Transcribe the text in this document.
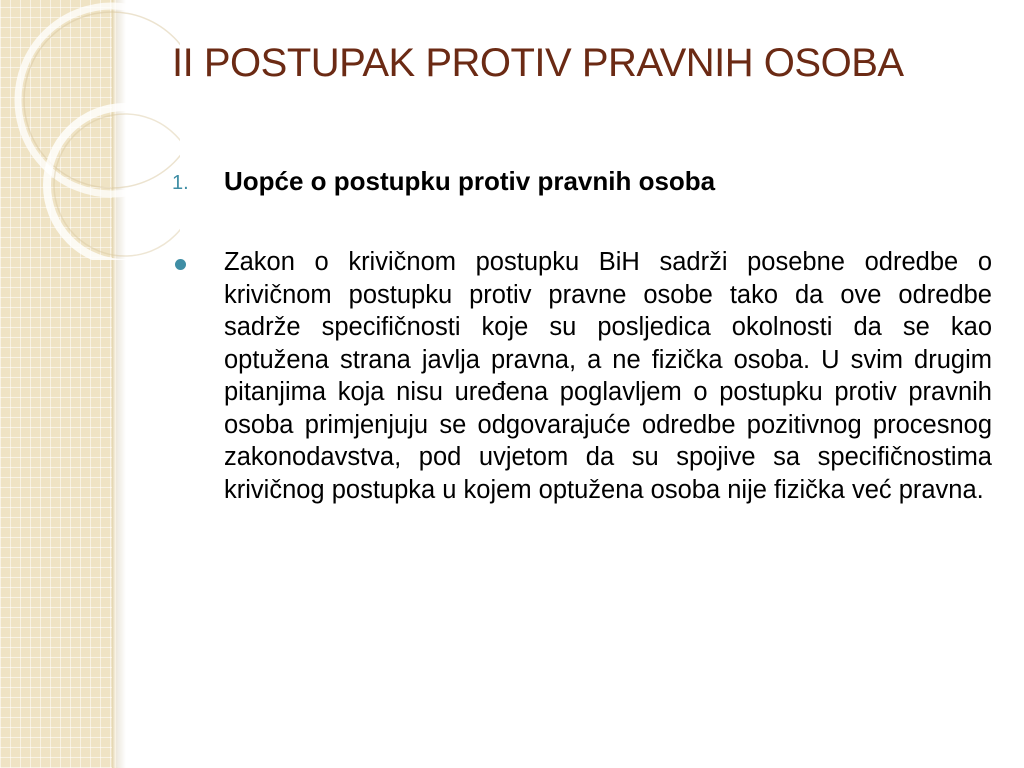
II POSTUPAK PROTIV PRAVNIH OSOBA
1. Uopće o postupku protiv pravnih osoba

Zakon o krivičnom postupku BiH sadrži posebne odredbe o krivičnom postupku protiv pravne osobe tako da ove odredbe sadrže specifičnosti koje su posljedica okolnosti da se kao optužena strana javlja pravna, a ne fizička osoba. U svim drugim pitanjima koja nisu uređena poglavljem o postupku protiv pravnih osoba primjenjuju se odgovarajuće odredbe pozitivnog procesnog zakonodavstva, pod uvjetom da su spojive sa specifičnostima krivičnog postupka u kojem optužena osoba nije fizička već pravna.
